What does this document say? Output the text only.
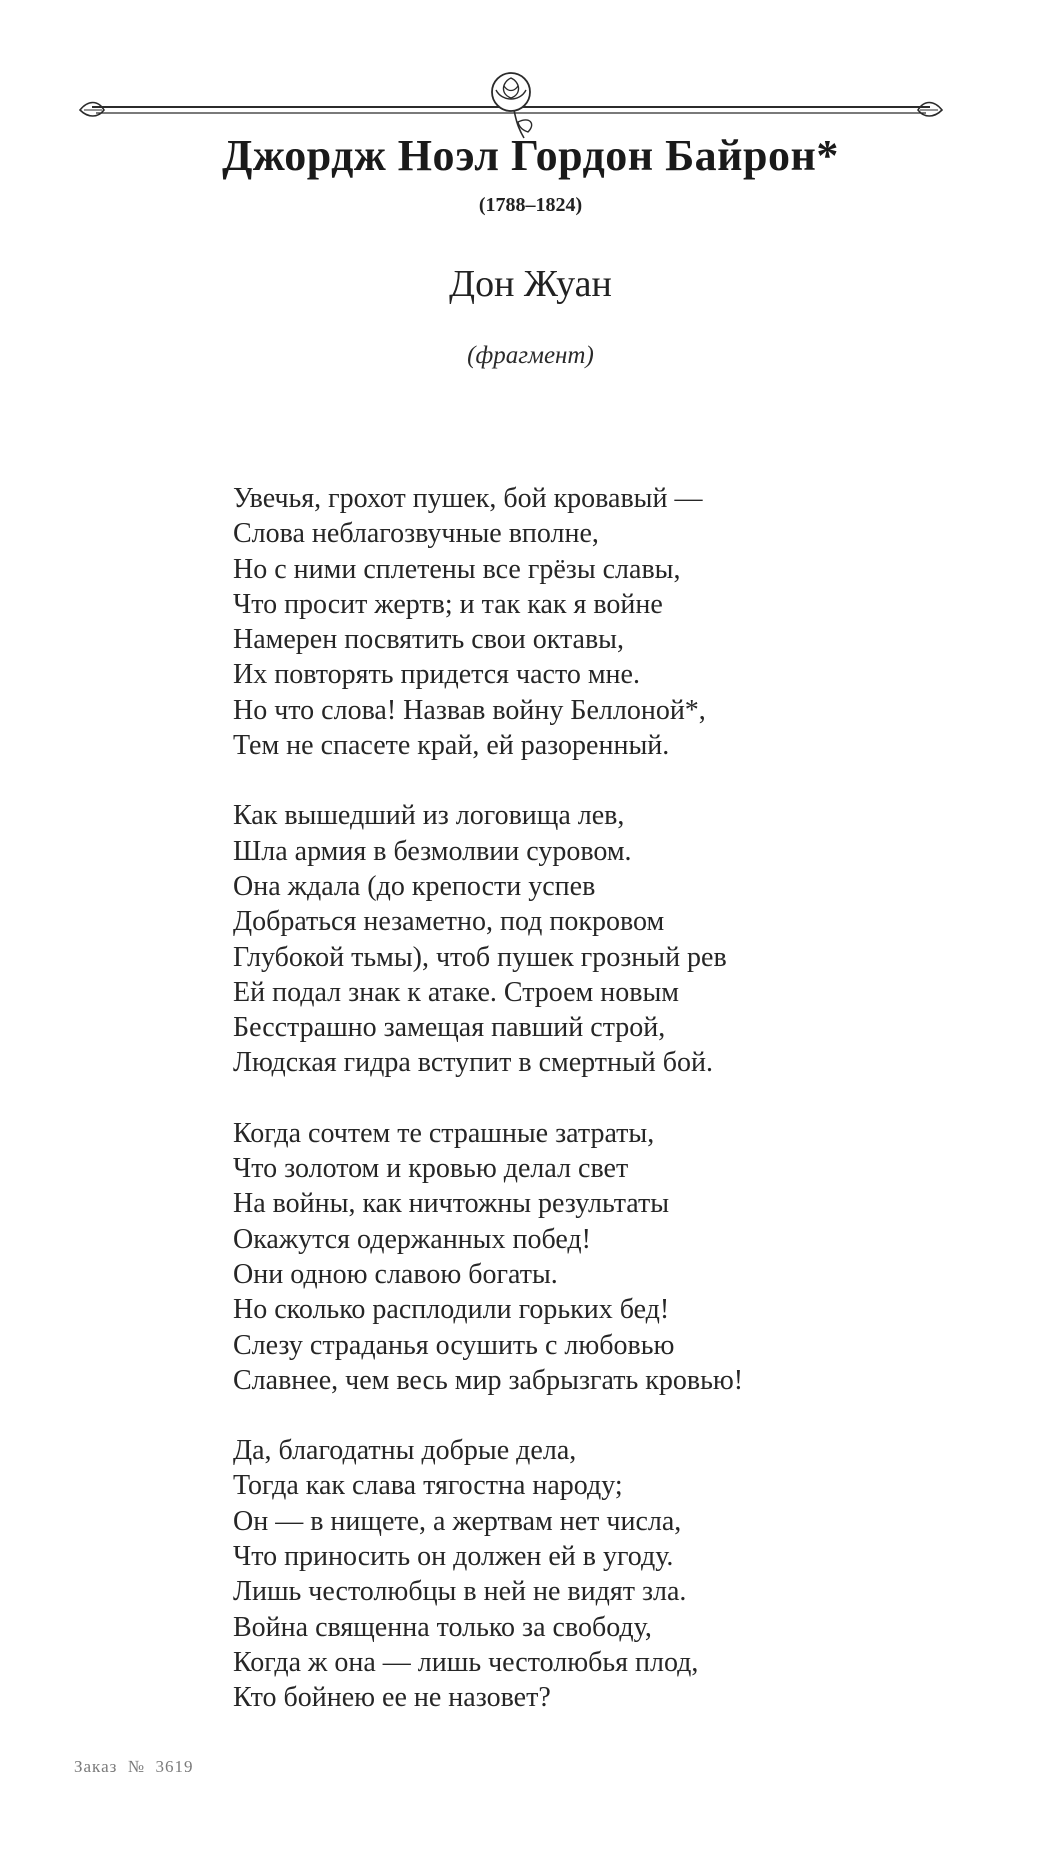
Джордж Ноэл Гордон Байрон*
(1788–1824)
Дон Жуан
(фрагмент)
Увечья, грохот пушек, бой кровавый —
Слова неблагозвучные вполне,
Но с ними сплетены все грёзы славы,
Что просит жертв; и так как я войне
Намерен посвятить свои октавы,
Их повторять придется часто мне.
Но что слова! Назвав войну Беллоной*,
Тем не спасете край, ей разоренный.
Как вышедший из логовища лев,
Шла армия в безмолвии суровом.
Она ждала (до крепости успев
Добраться незаметно, под покровом
Глубокой тьмы), чтоб пушек грозный рев
Ей подал знак к атаке. Строем новым
Бесстрашно замещая павший строй,
Людская гидра вступит в смертный бой.
Когда сочтем те страшные затраты,
Что золотом и кровью делал свет
На войны, как ничтожны результаты
Окажутся одержанных побед!
Они одною славою богаты.
Но сколько расплодили горьких бед!
Слезу страданья осушить с любовью
Славнее, чем весь мир забрызгать кровью!
Да, благодатны добрые дела,
Тогда как слава тягостна народу;
Он — в нищете, а жертвам нет числа,
Что приносить он должен ей в угоду.
Лишь честолюбцы в ней не видят зла.
Война священна только за свободу,
Когда ж она — лишь честолюбья плод,
Кто бойнею ее не назовет?
Заказ  №  3619
